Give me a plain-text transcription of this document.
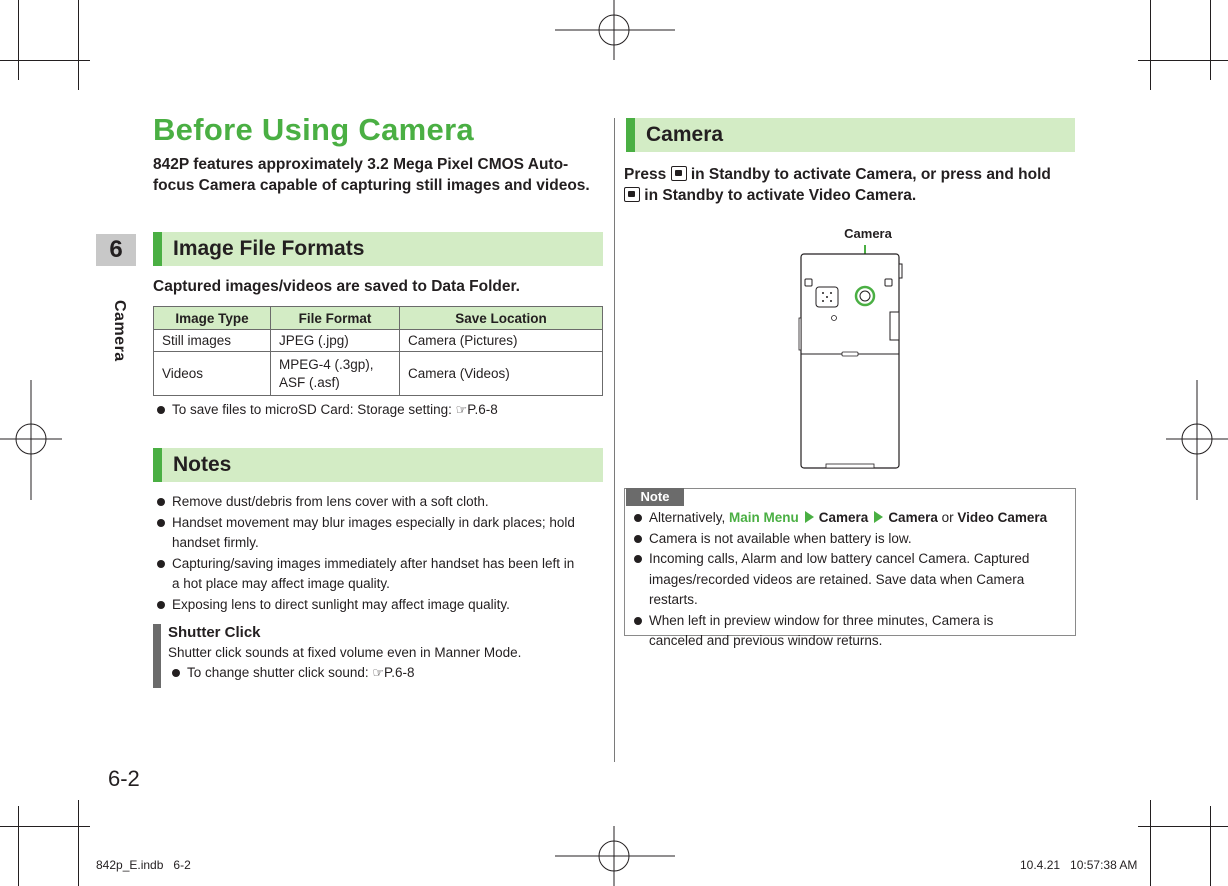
6
Camera
6-2
Before Using Camera
842P features approximately 3.2 Mega Pixel CMOS Auto-focus Camera capable of capturing still images and videos.
Image File Formats
Captured images/videos are saved to Data Folder.
Image Type	File Format	Save Location
Still images	JPEG (.jpg)	Camera (Pictures)
Videos	MPEG-4 (.3gp), ASF (.asf)	Camera (Videos)
To save files to microSD Card: Storage setting: ☞P.6-8
Notes
Remove dust/debris from lens cover with a soft cloth.
Handset movement may blur images especially in dark places; hold handset firmly.
Capturing/saving images immediately after handset has been left in a hot place may affect image quality.
Exposing lens to direct sunlight may affect image quality.
Shutter Click
Shutter click sounds at fixed volume even in Manner Mode.
To change shutter click sound: ☞P.6-8
Camera
Press  in Standby to activate Camera, or press and hold
in Standby to activate Video Camera.
Camera
Note
Alternatively, Main Menu Camera Camera or Video Camera
Camera is not available when battery is low.
Incoming calls, Alarm and low battery cancel Camera. Captured images/recorded videos are retained. Save data when Camera restarts.
When left in preview window for three minutes, Camera is canceled and previous window returns.
842p_E.indb   6-2	10.4.21   10:57:38 AM
